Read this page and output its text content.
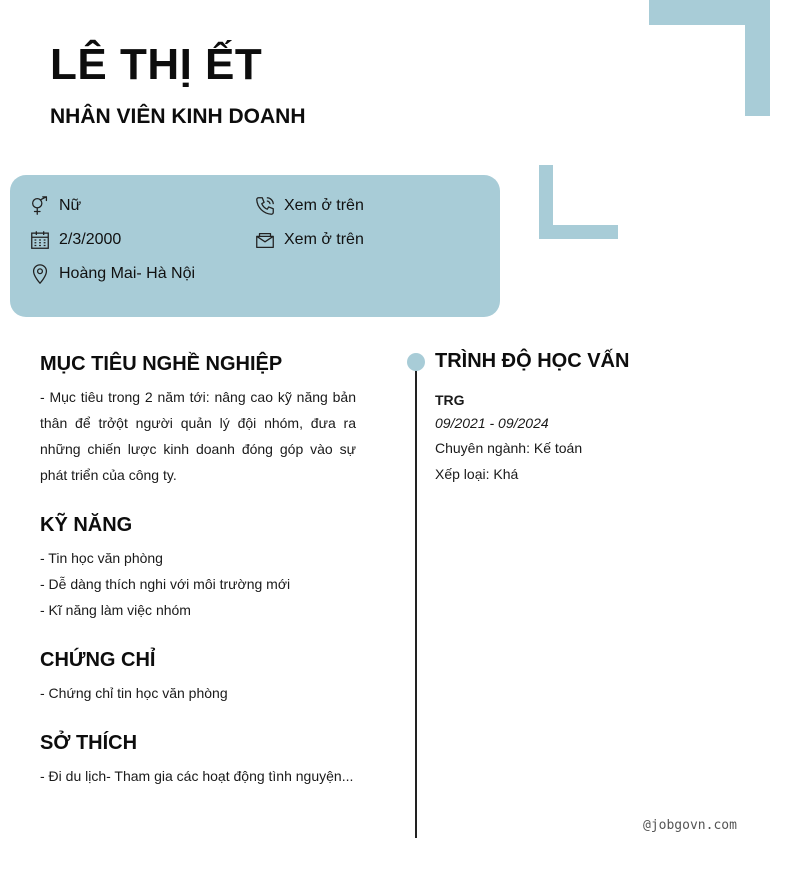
LÊ THỊ ẾT
NHÂN VIÊN KINH DOANH
Nữ	Xem ở trên
2/3/2000	Xem ở trên
Hoàng Mai- Hà Nội
MỤC TIÊU NGHỀ NGHIỆP
- Mục tiêu trong 2 năm tới: nâng cao kỹ năng bản thân để trởột người quản lý đội nhóm, đưa ra những chiến lược kinh doanh đóng góp vào sự phát triển của công ty.
KỸ NĂNG
- Tin học văn phòng
- Dễ dàng thích nghi với môi trường mới
- Kĩ năng làm việc nhóm
CHỨNG CHỈ
- Chứng chỉ tin học văn phòng
SỞ THÍCH
- Đi du lịch- Tham gia các hoạt động tình nguyện...
TRÌNH ĐỘ HỌC VẤN
TRG
09/2021 - 09/2024
Chuyên ngành: Kế toán
Xếp loại: Khá
@jobgovn.com
